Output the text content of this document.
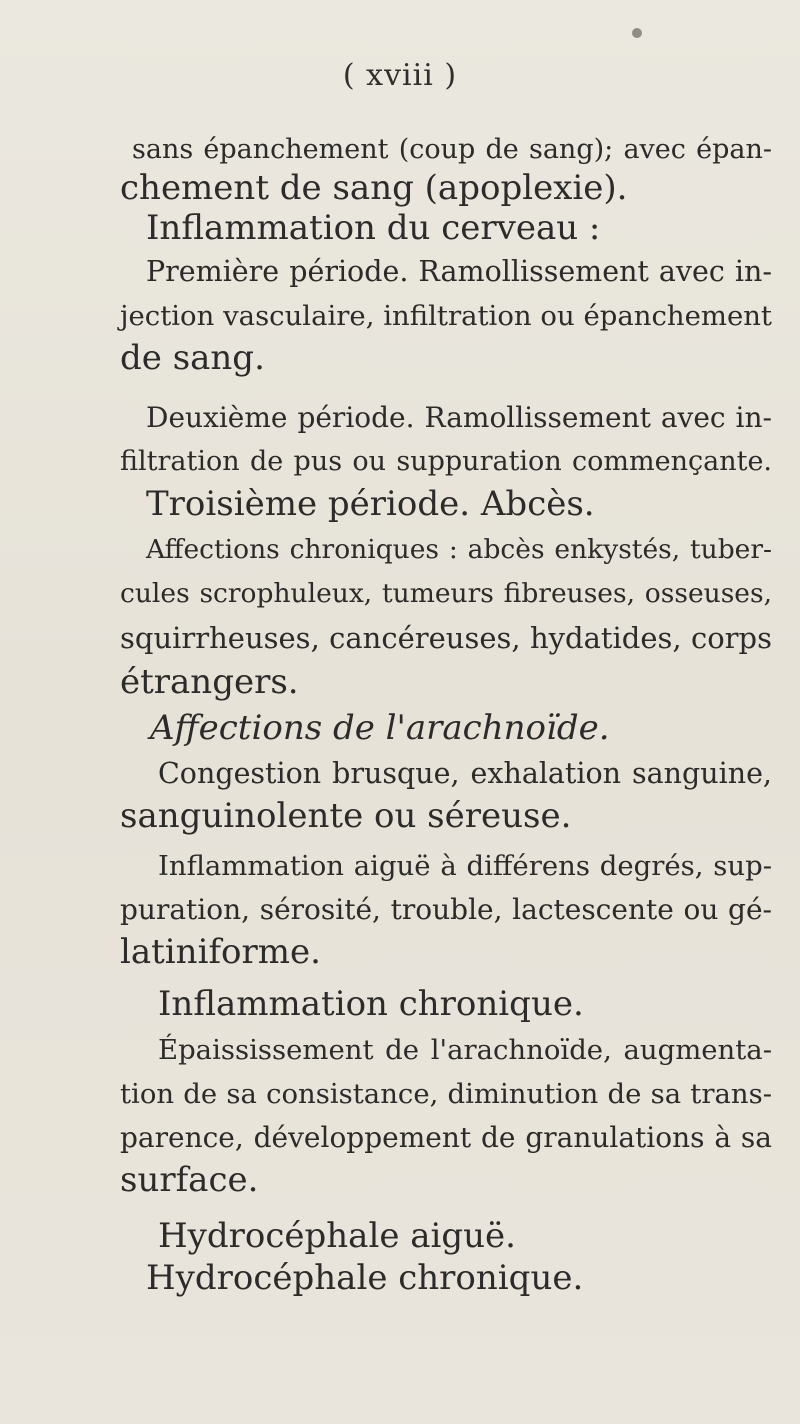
( xviii )
sans épanchement (coup de sang); avec épan-
chement de sang (apoplexie).
Inflammation du cerveau :
Première période. Ramollissement avec in-
jection vasculaire, infiltration ou épanchement
de sang.
Deuxième période. Ramollissement avec in-
filtration de pus ou suppuration commençante.
Troisième période. Abcès.
Affections chroniques : abcès enkystés, tuber-
cules scrophuleux, tumeurs fibreuses, osseuses,
squirrheuses, cancéreuses, hydatides, corps
étrangers.
Affections de l'arachnoïde.
Congestion brusque, exhalation sanguine,
sanguinolente ou séreuse.
Inflammation aiguë à différens degrés, sup-
puration, sérosité, trouble, lactescente ou gé-
latiniforme.
Inflammation chronique.
Épaississement de l'arachnoïde, augmenta-
tion de sa consistance, diminution de sa trans-
parence, développement de granulations à sa
surface.
Hydrocéphale aiguë.
Hydrocéphale chronique.
